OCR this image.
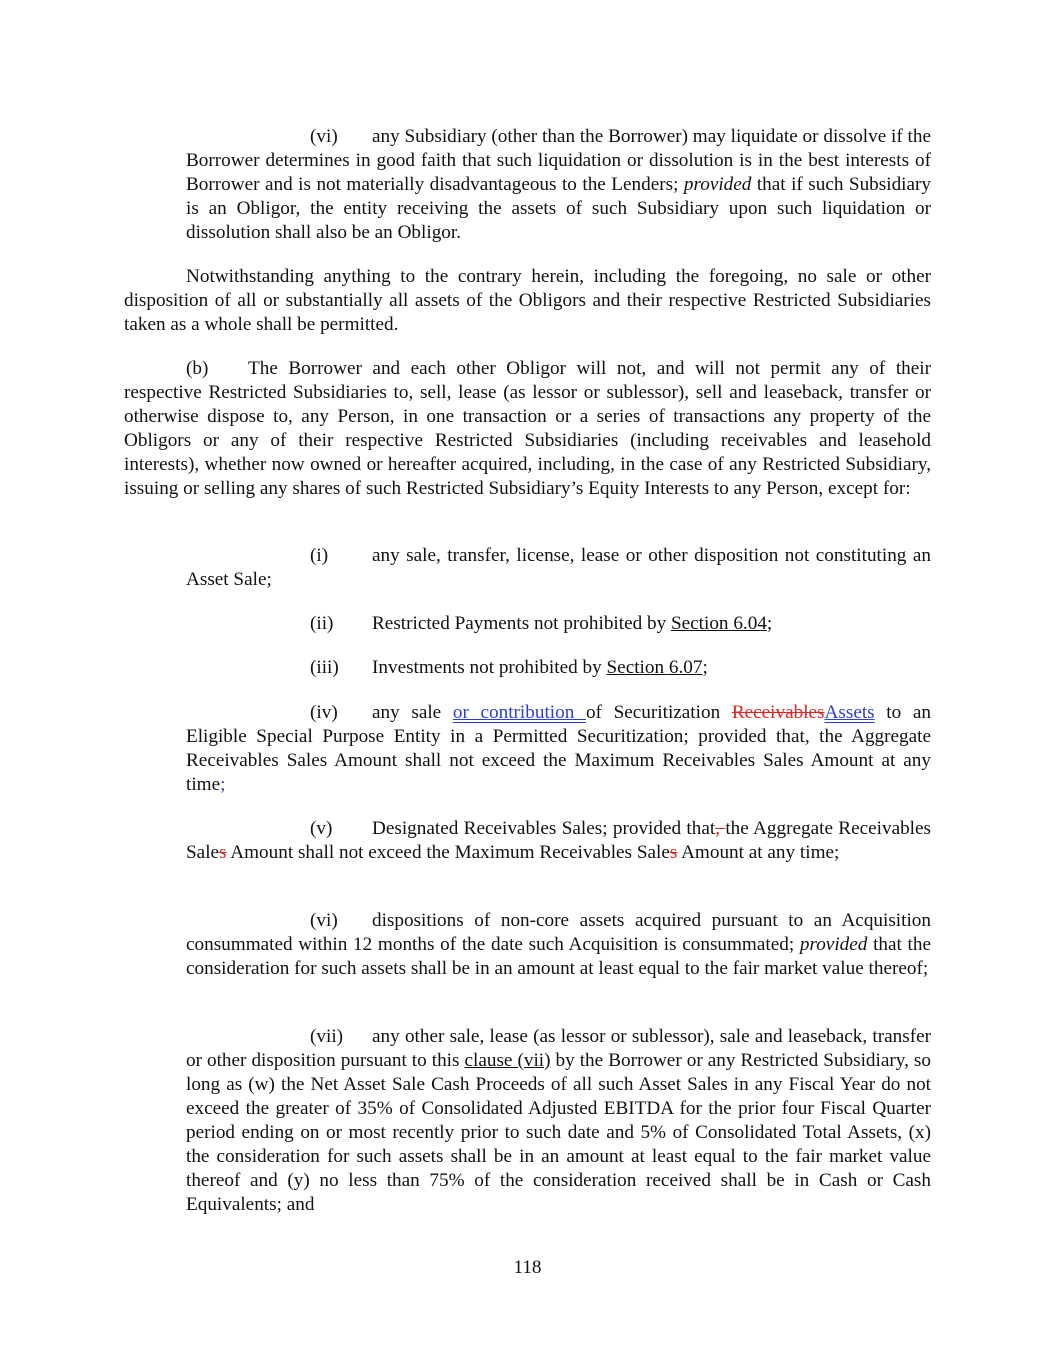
(vi) any Subsidiary (other than the Borrower) may liquidate or dissolve if the Borrower determines in good faith that such liquidation or dissolution is in the best interests of Borrower and is not materially disadvantageous to the Lenders; provided that if such Subsidiary is an Obligor, the entity receiving the assets of such Subsidiary upon such liquidation or dissolution shall also be an Obligor.

Notwithstanding anything to the contrary herein, including the foregoing, no sale or other disposition of all or substantially all assets of the Obligors and their respective Restricted Subsidiaries taken as a whole shall be permitted.

(b) The Borrower and each other Obligor will not, and will not permit any of their respective Restricted Subsidiaries to, sell, lease (as lessor or sublessor), sell and leaseback, transfer or otherwise dispose to, any Person, in one transaction or a series of transactions any property of the Obligors or any of their respective Restricted Subsidiaries (including receivables and leasehold interests), whether now owned or hereafter acquired, including, in the case of any Restricted Subsidiary, issuing or selling any shares of such Restricted Subsidiary’s Equity Interests to any Person, except for:

(i) any sale, transfer, license, lease or other disposition not constituting an Asset Sale;

(ii) Restricted Payments not prohibited by Section 6.04;

(iii) Investments not prohibited by Section 6.07;

(iv) any sale or contribution of Securitization ReceivablesAssets to an Eligible Special Purpose Entity in a Permitted Securitization; provided that, the Aggregate Receivables Sales Amount shall not exceed the Maximum Receivables Sales Amount at any time;

(v) Designated Receivables Sales; provided that, the Aggregate Receivables Sales Amount shall not exceed the Maximum Receivables Sales Amount at any time;

(vi) dispositions of non-core assets acquired pursuant to an Acquisition consummated within 12 months of the date such Acquisition is consummated; provided that the consideration for such assets shall be in an amount at least equal to the fair market value thereof;

(vii) any other sale, lease (as lessor or sublessor), sale and leaseback, transfer or other disposition pursuant to this clause (vii) by the Borrower or any Restricted Subsidiary, so long as (w) the Net Asset Sale Cash Proceeds of all such Asset Sales in any Fiscal Year do not exceed the greater of 35% of Consolidated Adjusted EBITDA for the prior four Fiscal Quarter period ending on or most recently prior to such date and 5% of Consolidated Total Assets, (x) the consideration for such assets shall be in an amount at least equal to the fair market value thereof and (y) no less than 75% of the consideration received shall be in Cash or Cash Equivalents; and

118
